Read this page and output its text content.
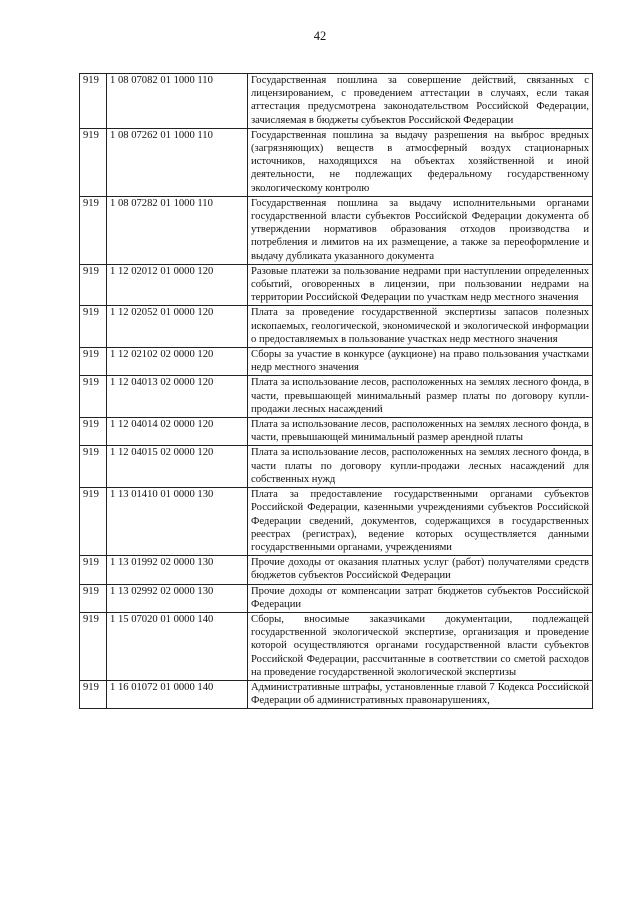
42
919	1 08 07082 01 1000 110	Государственная пошлина за совершение действий, связанных с лицензированием, с проведением аттестации в случаях, если такая аттестация предусмотрена законодательством Российской Федерации, зачисляемая в бюджеты субъектов Российской Федерации
919	1 08 07262 01 1000 110	Государственная пошлина за выдачу разрешения на выброс вредных (загрязняющих) веществ в атмосферный воздух стационарных источников, находящихся на объектах хозяйственной и иной деятельности, не подлежащих федеральному государственному экологическому контролю
919	1 08 07282 01 1000 110	Государственная пошлина за выдачу исполнительными органами государственной власти субъектов Российской Федерации документа об утверждении нормативов образования отходов производства и потребления и лимитов на их размещение, а также за переоформление и выдачу дубликата указанного документа
919	1 12 02012 01 0000 120	Разовые платежи за пользование недрами при наступлении определенных событий, оговоренных в лицензии, при пользовании недрами на территории Российской Федерации по участкам недр местного значения
919	1 12 02052 01 0000 120	Плата за проведение государственной экспертизы запасов полезных ископаемых, геологической, экономической и экологической информации о предоставляемых в пользование участках недр местного значения
919	1 12 02102 02 0000 120	Сборы за участие в конкурсе (аукционе) на право пользования участками недр местного значения
919	1 12 04013 02 0000 120	Плата за использование лесов, расположенных на землях лесного фонда, в части, превышающей минимальный размер платы по договору купли-продажи лесных насаждений
919	1 12 04014 02 0000 120	Плата за использование лесов, расположенных на землях лесного фонда, в части, превышающей минимальный размер арендной платы
919	1 12 04015 02 0000 120	Плата за использование лесов, расположенных на землях лесного фонда, в части платы по договору купли-продажи лесных насаждений для собственных нужд
919	1 13 01410 01 0000 130	Плата за предоставление государственными органами субъектов Российской Федерации, казенными учреждениями субъектов Российской Федерации сведений, документов, содержащихся в государственных реестрах (регистрах), ведение которых осуществляется данными государственными органами, учреждениями
919	1 13 01992 02 0000 130	Прочие доходы от оказания платных услуг (работ) получателями средств бюджетов субъектов Российской Федерации
919	1 13 02992 02 0000 130	Прочие доходы от компенсации затрат бюджетов субъектов Российской Федерации
919	1 15 07020 01 0000 140	Сборы, вносимые заказчиками документации, подлежащей государственной экологической экспертизе, организация и проведение которой осуществляются органами государственной власти субъектов Российской Федерации, рассчитанные в соответствии со сметой расходов на проведение государственной экологической экспертизы
919	1 16 01072 01 0000 140	Административные штрафы, установленные главой 7 Кодекса Российской Федерации об административных правонарушениях,
